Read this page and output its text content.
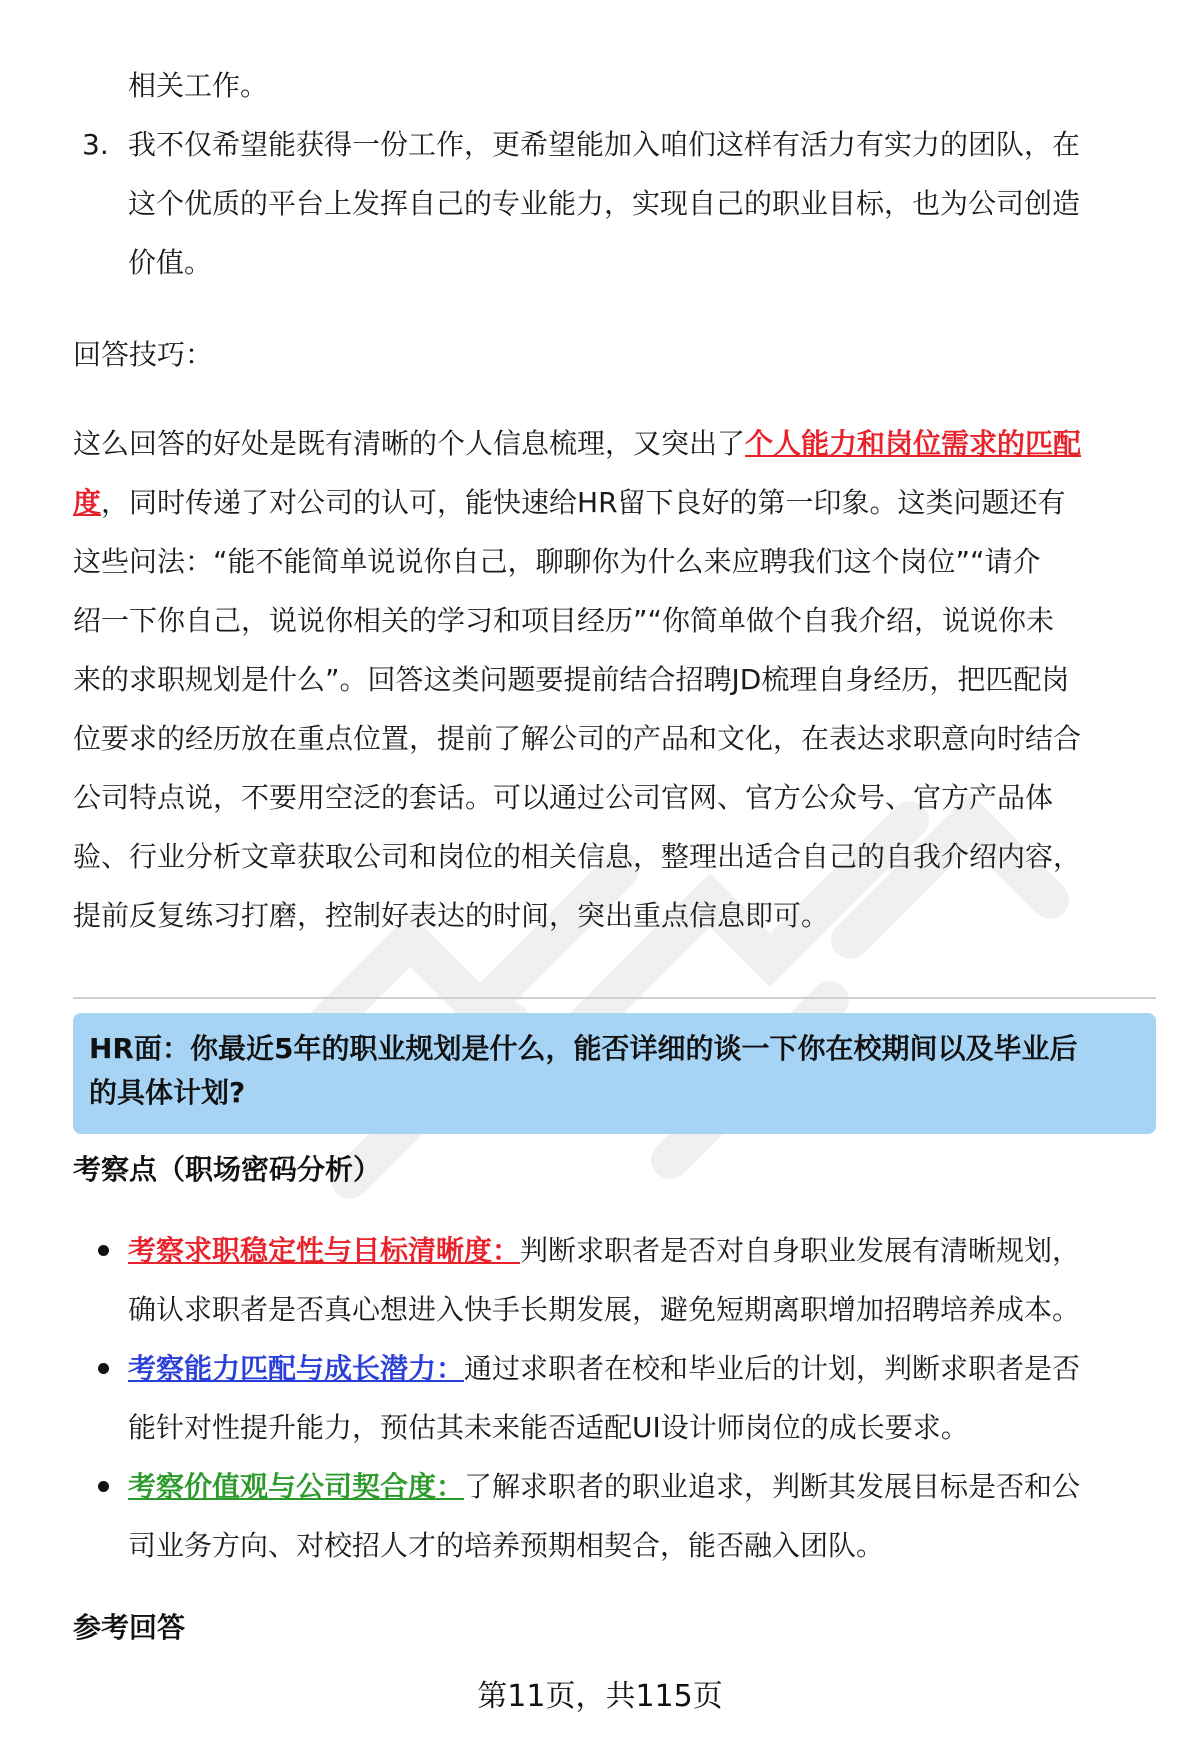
相关工作。

3. 我不仅希望能获得一份工作，更希望能加入咱们这样有活力有实力的团队，在

这个优质的平台上发挥自己的专业能力，实现自己的职业目标，也为公司创造

价值。

回答技巧：

这么回答的好处是既有清晰的个人信息梳理，又突出了个人能力和岗位需求的匹配

度，同时传递了对公司的认可，能快速给HR留下良好的第一印象。这类问题还有

这些问法：“能不能简单说说你自己，聊聊你为什么来应聘我们这个岗位”“请介

绍一下你自己，说说你相关的学习和项目经历”“你简单做个自我介绍，说说你未

来的求职规划是什么”。回答这类问题要提前结合招聘JD梳理自身经历，把匹配岗

位要求的经历放在重点位置，提前了解公司的产品和文化，在表达求职意向时结合

公司特点说，不要用空泛的套话。可以通过公司官网、官方公众号、官方产品体

验、行业分析文章获取公司和岗位的相关信息，整理出适合自己的自我介绍内容，

提前反复练习打磨，控制好表达的时间，突出重点信息即可。

HR面：你最近5年的职业规划是什么，能否详细的谈一下你在校期间以及毕业后
的具体计划?
考察点（职场密码分析）
考察求职稳定性与目标清晰度：判断求职者是否对自身职业发展有清晰规划，
确认求职者是否真心想进入快手长期发展，避免短期离职增加招聘培养成本。
考察能力匹配与成长潜力：通过求职者在校和毕业后的计划，判断求职者是否
能针对性提升能力，预估其未来能否适配UI设计师岗位的成长要求。
考察价值观与公司契合度：了解求职者的职业追求，判断其发展目标是否和公
司业务方向、对校招人才的培养预期相契合，能否融入团队。
参考回答
第11页，共115页
